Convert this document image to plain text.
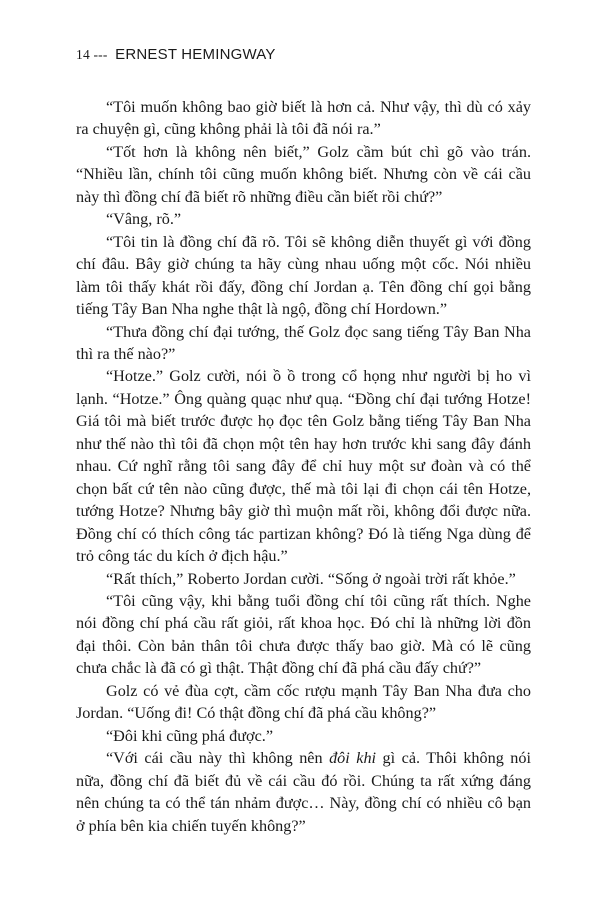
14 --- ERNEST HEMINGWAY

“Tôi muốn không bao giờ biết là hơn cả. Như vậy, thì dù có xảy ra chuyện gì, cũng không phải là tôi đã nói ra.”

“Tốt hơn là không nên biết,” Golz cầm bút chì gõ vào trán. “Nhiều lần, chính tôi cũng muốn không biết. Nhưng còn về cái cầu này thì đồng chí đã biết rõ những điều cần biết rồi chứ?”

“Vâng, rõ.”

“Tôi tin là đồng chí đã rõ. Tôi sẽ không diễn thuyết gì với đồng chí đâu. Bây giờ chúng ta hãy cùng nhau uống một cốc. Nói nhiều làm tôi thấy khát rồi đấy, đồng chí Jordan ạ. Tên đồng chí gọi bằng tiếng Tây Ban Nha nghe thật là ngộ, đồng chí Hordown.”

“Thưa đồng chí đại tướng, thế Golz đọc sang tiếng Tây Ban Nha thì ra thế nào?”

“Hotze.” Golz cười, nói ồ ồ trong cổ họng như người bị ho vì lạnh. “Hotze.” Ông quàng quạc như quạ. “Đồng chí đại tướng Hotze! Giá tôi mà biết trước được họ đọc tên Golz bằng tiếng Tây Ban Nha như thế nào thì tôi đã chọn một tên hay hơn trước khi sang đây đánh nhau. Cứ nghĩ rằng tôi sang đây để chỉ huy một sư đoàn và có thể chọn bất cứ tên nào cũng được, thế mà tôi lại đi chọn cái tên Hotze, tướng Hotze? Nhưng bây giờ thì muộn mất rồi, không đổi được nữa. Đồng chí có thích công tác partizan không? Đó là tiếng Nga dùng để trỏ công tác du kích ở địch hậu.”

“Rất thích,” Roberto Jordan cười. “Sống ở ngoài trời rất khỏe.”

“Tôi cũng vậy, khi bằng tuổi đồng chí tôi cũng rất thích. Nghe nói đồng chí phá cầu rất giỏi, rất khoa học. Đó chỉ là những lời đồn đại thôi. Còn bản thân tôi chưa được thấy bao giờ. Mà có lẽ cũng chưa chắc là đã có gì thật. Thật đồng chí đã phá cầu đấy chứ?”

Golz có vẻ đùa cợt, cầm cốc rượu mạnh Tây Ban Nha đưa cho Jordan. “Uống đi! Có thật đồng chí đã phá cầu không?”

“Đôi khi cũng phá được.”

“Với cái cầu này thì không nên đôi khi gì cả. Thôi không nói nữa, đồng chí đã biết đủ về cái cầu đó rồi. Chúng ta rất xứng đáng nên chúng ta có thể tán nhảm được… Này, đồng chí có nhiều cô bạn ở phía bên kia chiến tuyến không?”
